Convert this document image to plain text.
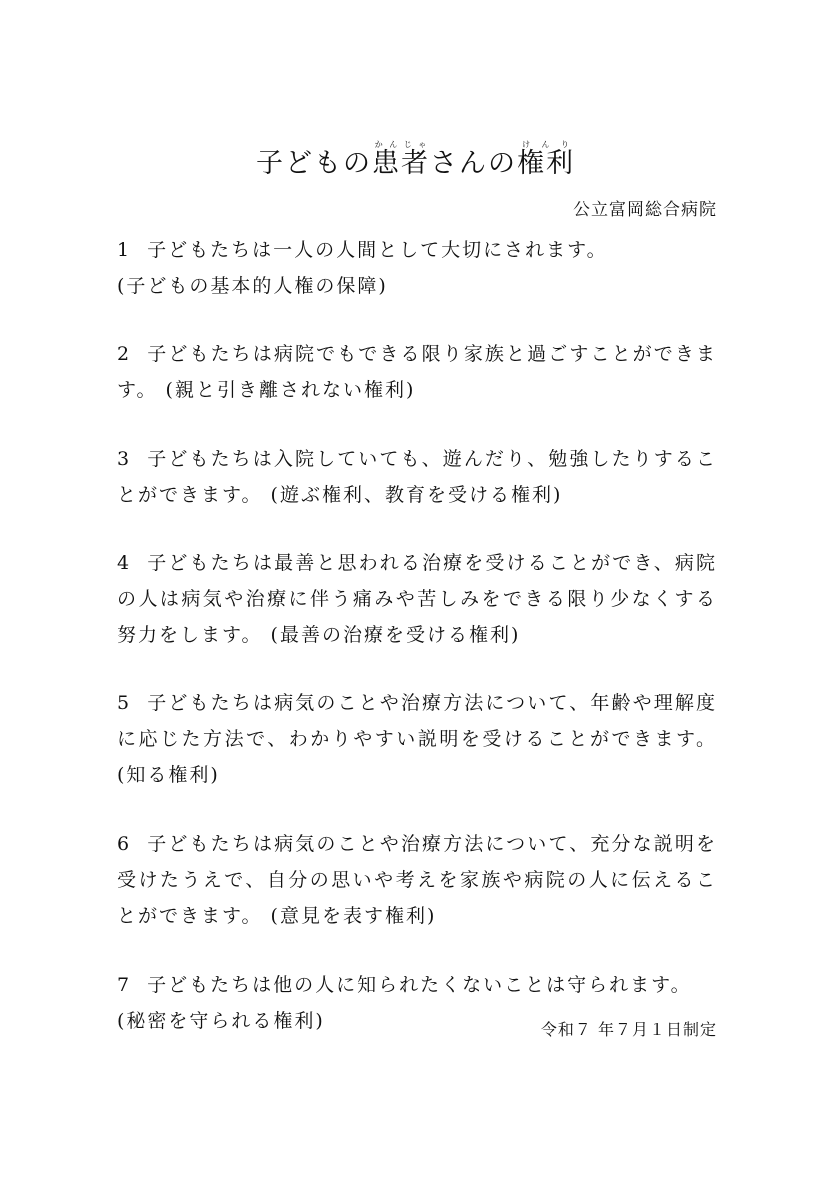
子どもの患者かんじゃさんの権利けんり
公立富岡総合病院

1 子どもたちは一人の人間として大切にされます。
(子どもの基本的人権の保障)

2 子どもたちは病院でもできる限り家族と過ごすことができます。 (親と引き離されない権利)

3 子どもたちは入院していても、遊んだり、勉強したりすることができます。 (遊ぶ権利、教育を受ける権利)

4 子どもたちは最善と思われる治療を受けることができ、病院の人は病気や治療に伴う痛みや苦しみをできる限り少なくする努力をします。 (最善の治療を受ける権利)

5 子どもたちは病気のことや治療方法について、年齢や理解度に応じた方法で、わかりやすい説明を受けることができます。 (知る権利)

6 子どもたちは病気のことや治療方法について、充分な説明を受けたうえで、自分の思いや考えを家族や病院の人に伝えることができます。 (意見を表す権利)

7 子どもたちは他の人に知られたくないことは守られます。
(秘密を守られる権利)	令和７ 年７月１日制定
